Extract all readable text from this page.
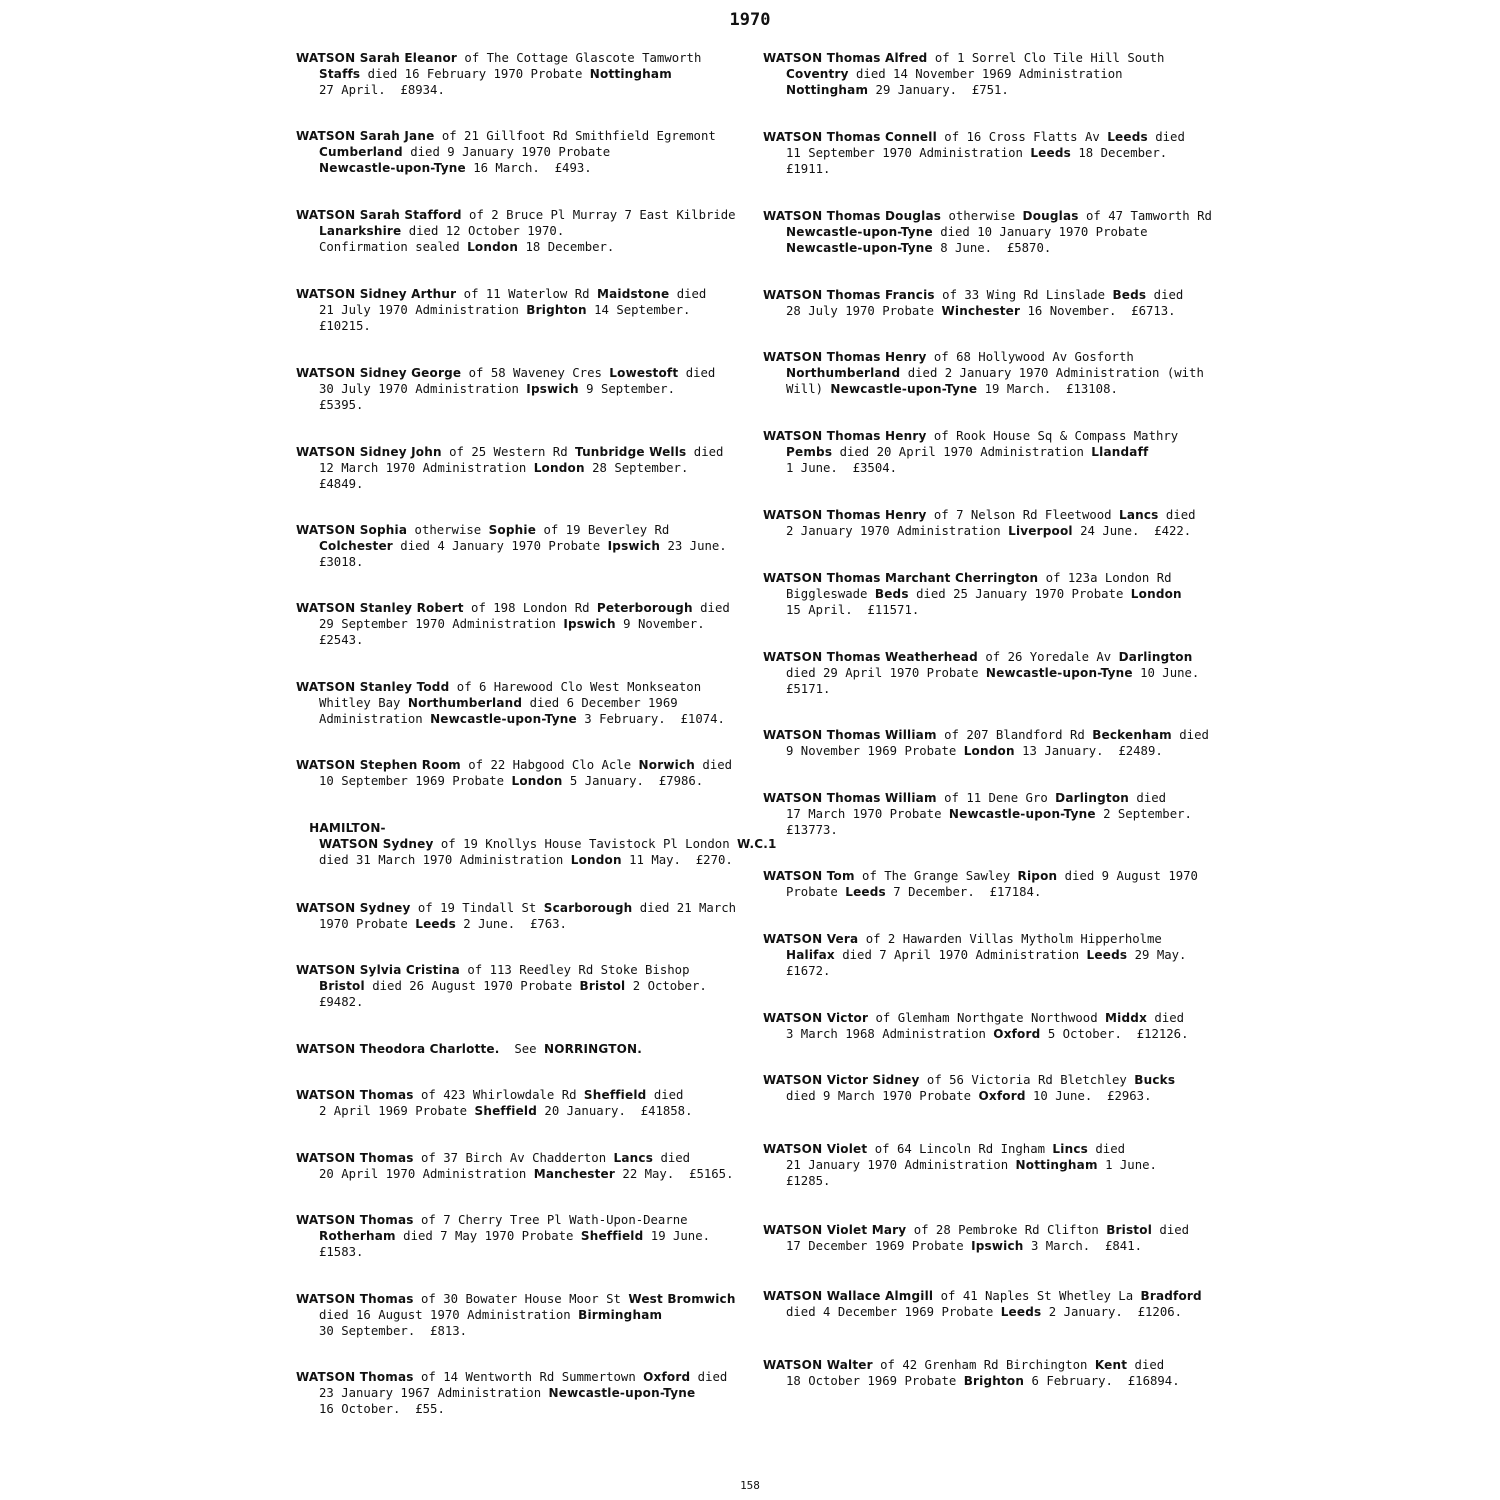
1970
WATSON Sarah Eleanor of The Cottage Glascote Tamworth
Staffs died 16 February 1970 Probate Nottingham
27 April.  £8934.
WATSON Sarah Jane of 21 Gillfoot Rd Smithfield Egremont
Cumberland died 9 January 1970 Probate
Newcastle-upon-Tyne 16 March.  £493.
WATSON Sarah Stafford of 2 Bruce Pl Murray 7 East Kilbride
Lanarkshire died 12 October 1970.
Confirmation sealed London 18 December.
WATSON Sidney Arthur of 11 Waterlow Rd Maidstone died
21 July 1970 Administration Brighton 14 September.
£10215.
WATSON Sidney George of 58 Waveney Cres Lowestoft died
30 July 1970 Administration Ipswich 9 September.
£5395.
WATSON Sidney John of 25 Western Rd Tunbridge Wells died
12 March 1970 Administration London 28 September.
£4849.
WATSON Sophia otherwise Sophie of 19 Beverley Rd
Colchester died 4 January 1970 Probate Ipswich 23 June.
£3018.
WATSON Stanley Robert of 198 London Rd Peterborough died
29 September 1970 Administration Ipswich 9 November.
£2543.
WATSON Stanley Todd of 6 Harewood Clo West Monkseaton
Whitley Bay Northumberland died 6 December 1969
Administration Newcastle-upon-Tyne 3 February.  £1074.
WATSON Stephen Room of 22 Habgood Clo Acle Norwich died
10 September 1969 Probate London 5 January.  £7986.
HAMILTON-
WATSON Sydney of 19 Knollys House Tavistock Pl London W.C.1
died 31 March 1970 Administration London 11 May.  £270.
WATSON Sydney of 19 Tindall St Scarborough died 21 March
1970 Probate Leeds 2 June.  £763.
WATSON Sylvia Cristina of 113 Reedley Rd Stoke Bishop
Bristol died 26 August 1970 Probate Bristol 2 October.
£9482.
WATSON Theodora Charlotte.  See NORRINGTON.
WATSON Thomas of 423 Whirlowdale Rd Sheffield died
2 April 1969 Probate Sheffield 20 January.  £41858.
WATSON Thomas of 37 Birch Av Chadderton Lancs died
20 April 1970 Administration Manchester 22 May.  £5165.
WATSON Thomas of 7 Cherry Tree Pl Wath-Upon-Dearne
Rotherham died 7 May 1970 Probate Sheffield 19 June.
£1583.
WATSON Thomas of 30 Bowater House Moor St West Bromwich
died 16 August 1970 Administration Birmingham
30 September.  £813.
WATSON Thomas of 14 Wentworth Rd Summertown Oxford died
23 January 1967 Administration Newcastle-upon-Tyne
16 October.  £55.
WATSON Thomas Alfred of 1 Sorrel Clo Tile Hill South
Coventry died 14 November 1969 Administration
Nottingham 29 January.  £751.
WATSON Thomas Connell of 16 Cross Flatts Av Leeds died
11 September 1970 Administration Leeds 18 December.
£1911.
WATSON Thomas Douglas otherwise Douglas of 47 Tamworth Rd
Newcastle-upon-Tyne died 10 January 1970 Probate
Newcastle-upon-Tyne 8 June.  £5870.
WATSON Thomas Francis of 33 Wing Rd Linslade Beds died
28 July 1970 Probate Winchester 16 November.  £6713.
WATSON Thomas Henry of 68 Hollywood Av Gosforth
Northumberland died 2 January 1970 Administration (with
Will) Newcastle-upon-Tyne 19 March.  £13108.
WATSON Thomas Henry of Rook House Sq & Compass Mathry
Pembs died 20 April 1970 Administration Llandaff
1 June.  £3504.
WATSON Thomas Henry of 7 Nelson Rd Fleetwood Lancs died
2 January 1970 Administration Liverpool 24 June.  £422.
WATSON Thomas Marchant Cherrington of 123a London Rd
Biggleswade Beds died 25 January 1970 Probate London
15 April.  £11571.
WATSON Thomas Weatherhead of 26 Yoredale Av Darlington
died 29 April 1970 Probate Newcastle-upon-Tyne 10 June.
£5171.
WATSON Thomas William of 207 Blandford Rd Beckenham died
9 November 1969 Probate London 13 January.  £2489.
WATSON Thomas William of 11 Dene Gro Darlington died
17 March 1970 Probate Newcastle-upon-Tyne 2 September.
£13773.
WATSON Tom of The Grange Sawley Ripon died 9 August 1970
Probate Leeds 7 December.  £17184.
WATSON Vera of 2 Hawarden Villas Mytholm Hipperholme
Halifax died 7 April 1970 Administration Leeds 29 May.
£1672.
WATSON Victor of Glemham Northgate Northwood Middx died
3 March 1968 Administration Oxford 5 October.  £12126.
WATSON Victor Sidney of 56 Victoria Rd Bletchley Bucks
died 9 March 1970 Probate Oxford 10 June.  £2963.
WATSON Violet of 64 Lincoln Rd Ingham Lincs died
21 January 1970 Administration Nottingham 1 June.
£1285.
WATSON Violet Mary of 28 Pembroke Rd Clifton Bristol died
17 December 1969 Probate Ipswich 3 March.  £841.
WATSON Wallace Almgill of 41 Naples St Whetley La Bradford
died 4 December 1969 Probate Leeds 2 January.  £1206.
WATSON Walter of 42 Grenham Rd Birchington Kent died
18 October 1969 Probate Brighton 6 February.  £16894.
158
